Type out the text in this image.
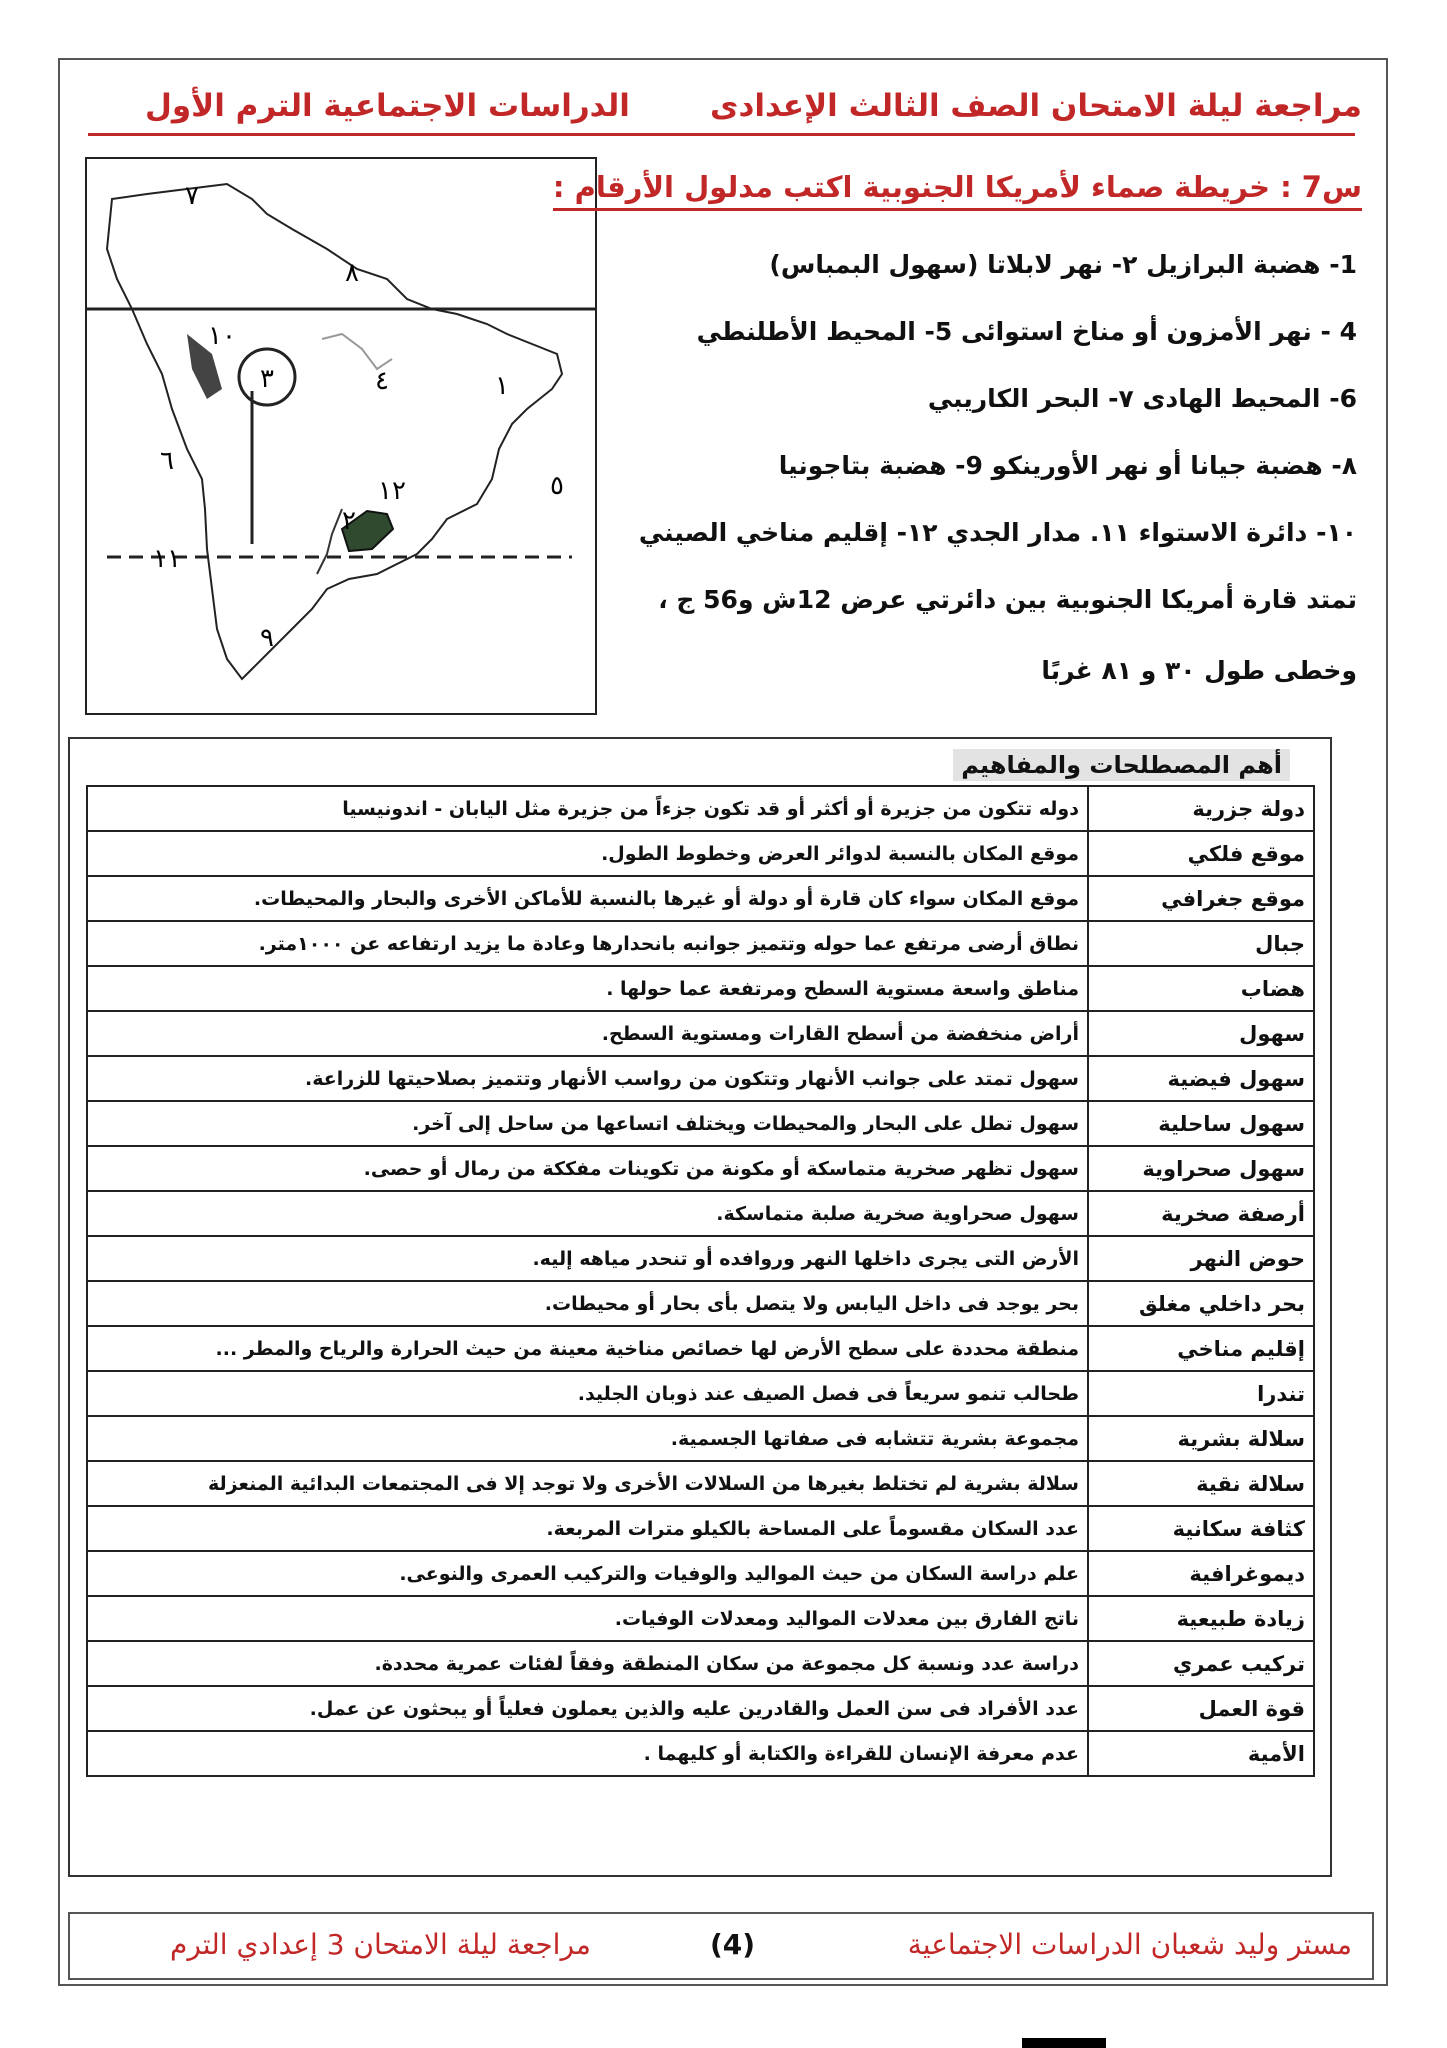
مراجعة ليلة الامتحان الصف الثالث الإعدادى
الدراسات الاجتماعية الترم الأول
٧
٨
١٠
٤	١
٣
٦
٥
١٢
٢
١١
٩
س7 : خريطة صماء لأمريكا الجنوبية اكتب مدلول الأرقام :
1- هضبة البرازيل ٢- نهر لابلاتا (سهول البمباس)
4 - نهر الأمزون أو مناخ استوائى 5- المحيط الأطلنطي
6- المحيط الهادى ٧- البحر الكاريبي
٨- هضبة جيانا أو نهر الأورينكو 9- هضبة بتاجونيا
١٠- دائرة الاستواء ١١. مدار الجدي ١٢- إقليم مناخي الصيني
تمتد قارة أمريكا الجنوبية بين دائرتي عرض 12ش و56 ج ،
وخطى طول ٣٠ و ٨١ غربًا
أهم المصطلحات والمفاهيم
دولة جزرية	دوله تتكون من جزيرة أو أكثر أو قد تكون جزءاً من جزيرة مثل اليابان - اندونيسيا
موقع فلكي	موقع المكان بالنسبة لدوائر العرض وخطوط الطول.
موقع جغرافي	موقع المكان سواء كان قارة أو دولة أو غيرها بالنسبة للأماكن الأخرى والبحار والمحيطات.
جبال	نطاق أرضى مرتفع عما حوله وتتميز جوانبه بانحدارها وعادة ما يزيد ارتفاعه عن ١٠٠٠متر.
هضاب	مناطق واسعة مستوية السطح ومرتفعة عما حولها .
سهول	أراض منخفضة من أسطح القارات ومستوية السطح.
سهول فيضية	سهول تمتد على جوانب الأنهار وتتكون من رواسب الأنهار وتتميز بصلاحيتها للزراعة.
سهول ساحلية	سهول تطل على البحار والمحيطات ويختلف اتساعها من ساحل إلى آخر.
سهول صحراوية	سهول تظهر صخرية متماسكة أو مكونة من تكوينات مفككة من رمال أو حصى.
أرصفة صخرية	سهول صحراوية صخرية صلبة متماسكة.
حوض النهر	الأرض التى يجرى داخلها النهر وروافده أو تنحدر مياهه إليه.
بحر داخلي مغلق	بحر يوجد فى داخل اليابس ولا يتصل بأى بحار أو محيطات.
إقليم مناخي	منطقة محددة على سطح الأرض لها خصائص مناخية معينة من حيث الحرارة والرياح والمطر ...
تندرا	طحالب تنمو سريعاً فى فصل الصيف عند ذوبان الجليد.
سلالة بشرية	مجموعة بشرية تتشابه فى صفاتها الجسمية.
سلالة نقية	سلالة بشرية لم تختلط بغيرها من السلالات الأخرى ولا توجد إلا فى المجتمعات البدائية المنعزلة
كثافة سكانية	عدد السكان مقسوماً على المساحة بالكيلو مترات المربعة.
ديموغرافية	علم دراسة السكان من حيث المواليد والوفيات والتركيب العمرى والنوعى.
زيادة طبيعية	ناتج الفارق بين معدلات المواليد ومعدلات الوفيات.
تركيب عمري	دراسة عدد ونسبة كل مجموعة من سكان المنطقة وفقاً لفئات عمرية محددة.
قوة العمل	عدد الأفراد فى سن العمل والقادرين عليه والذين يعملون فعلياً أو يبحثون عن عمل.
الأمية	عدم معرفة الإنسان للقراءة والكتابة أو كليهما .
مستر وليد شعبان الدراسات الاجتماعية
(4)
مراجعة ليلة الامتحان 3 إعدادي الترم
